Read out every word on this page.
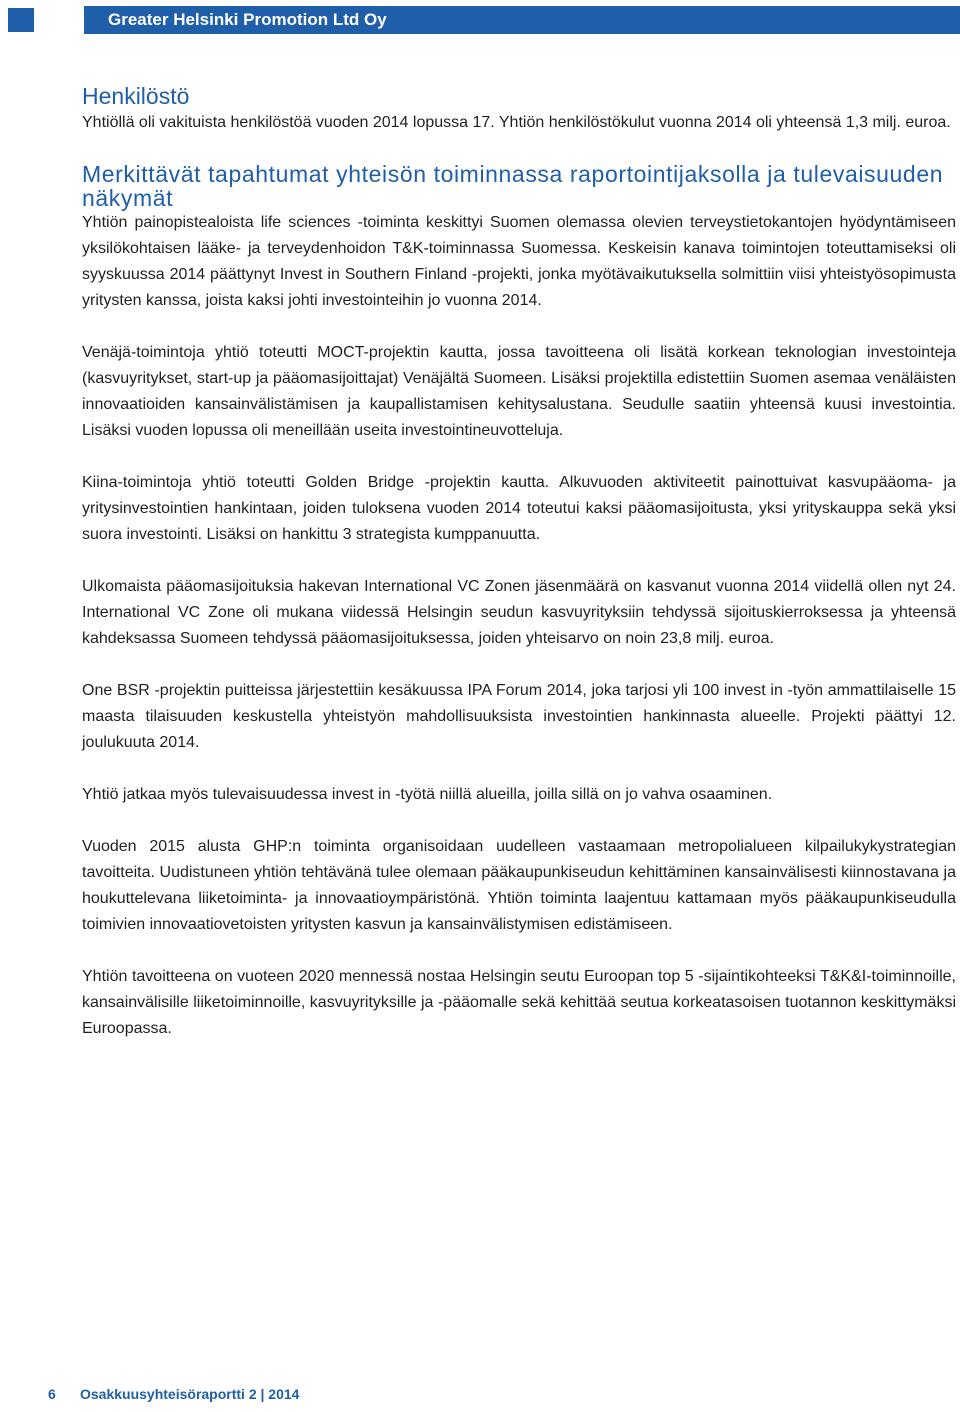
Greater Helsinki Promotion Ltd Oy
Henkilöstö

Yhtiöllä oli vakituista henkilöstöä vuoden 2014 lopussa 17. Yhtiön henkilöstökulut vuonna 2014 oli yhteensä 1,3 milj. euroa.

Merkittävät tapahtumat yhteisön toiminnassa raportointijaksolla ja tulevaisuuden näkymät

Yhtiön painopistealoista life sciences -toiminta keskittyi Suomen olemassa olevien terveystietokantojen hyödyntämiseen yksilökohtaisen lääke- ja terveydenhoidon T&K-toiminnassa Suomessa. Keskeisin kanava toimintojen toteuttamiseksi oli syyskuussa 2014 päättynyt Invest in Southern Finland -projekti, jonka myötävaikutuksella solmittiin viisi yhteistyösopimusta yritysten kanssa, joista kaksi johti investointeihin jo vuonna 2014.

Venäjä-toimintoja yhtiö toteutti MOCT-projektin kautta, jossa tavoitteena oli lisätä korkean teknologian investointeja (kasvuyritykset, start-up ja pääomasijoittajat) Venäjältä Suomeen. Lisäksi projektilla edistettiin Suomen asemaa venäläisten innovaatioiden kansainvälistämisen ja kaupallistamisen kehitysalustana. Seudulle saatiin yhteensä kuusi investointia. Lisäksi vuoden lopussa oli meneillään useita investointineuvotteluja.

Kiina-toimintoja yhtiö toteutti Golden Bridge -projektin kautta. Alkuvuoden aktiviteetit painottuivat kasvupääoma- ja yritysinvestointien hankintaan, joiden tuloksena vuoden 2014 toteutui kaksi pääomasijoitusta, yksi yrityskauppa sekä yksi suora investointi. Lisäksi on hankittu 3 strategista kumppanuutta.

Ulkomaista pääomasijoituksia hakevan International VC Zonen jäsenmäärä on kasvanut vuonna 2014 viidellä ollen nyt 24. International VC Zone oli mukana viidessä Helsingin seudun kasvuyrityksiin tehdyssä sijoituskierroksessa ja yhteensä kahdeksassa Suomeen tehdyssä pääomasijoituksessa, joiden yhteisarvo on noin 23,8 milj. euroa.

One BSR -projektin puitteissa järjestettiin kesäkuussa IPA Forum 2014, joka tarjosi yli 100 invest in -työn ammattilaiselle 15 maasta tilaisuuden keskustella yhteistyön mahdollisuuksista investointien hankinnasta alueelle. Projekti päättyi 12. joulukuuta 2014.

Yhtiö jatkaa myös tulevaisuudessa invest in -työtä niillä alueilla, joilla sillä on jo vahva osaaminen.

Vuoden 2015 alusta GHP:n toiminta organisoidaan uudelleen vastaamaan metropolialueen kilpailukykystrategian tavoitteita. Uudistuneen yhtiön tehtävänä tulee olemaan pääkaupunkiseudun kehittäminen kansainvälisesti kiinnostavana ja houkuttelevana liiketoiminta- ja innovaatioympäristönä. Yhtiön toiminta laajentuu kattamaan myös pääkaupunkiseudulla toimivien innovaatiovetoisten yritysten kasvun ja kansainvälistymisen edistämiseen.

Yhtiön tavoitteena on vuoteen 2020 mennessä nostaa Helsingin seutu Euroopan top 5 -sijaintikohteeksi T&K&I-toiminnoille, kansainvälisille liiketoiminnoille, kasvuyrityksille ja -pääomalle sekä kehittää seutua korkeatasoisen tuotannon keskittymäksi Euroopassa.

6 Osakkuusyhteisöraportti 2 | 2014
